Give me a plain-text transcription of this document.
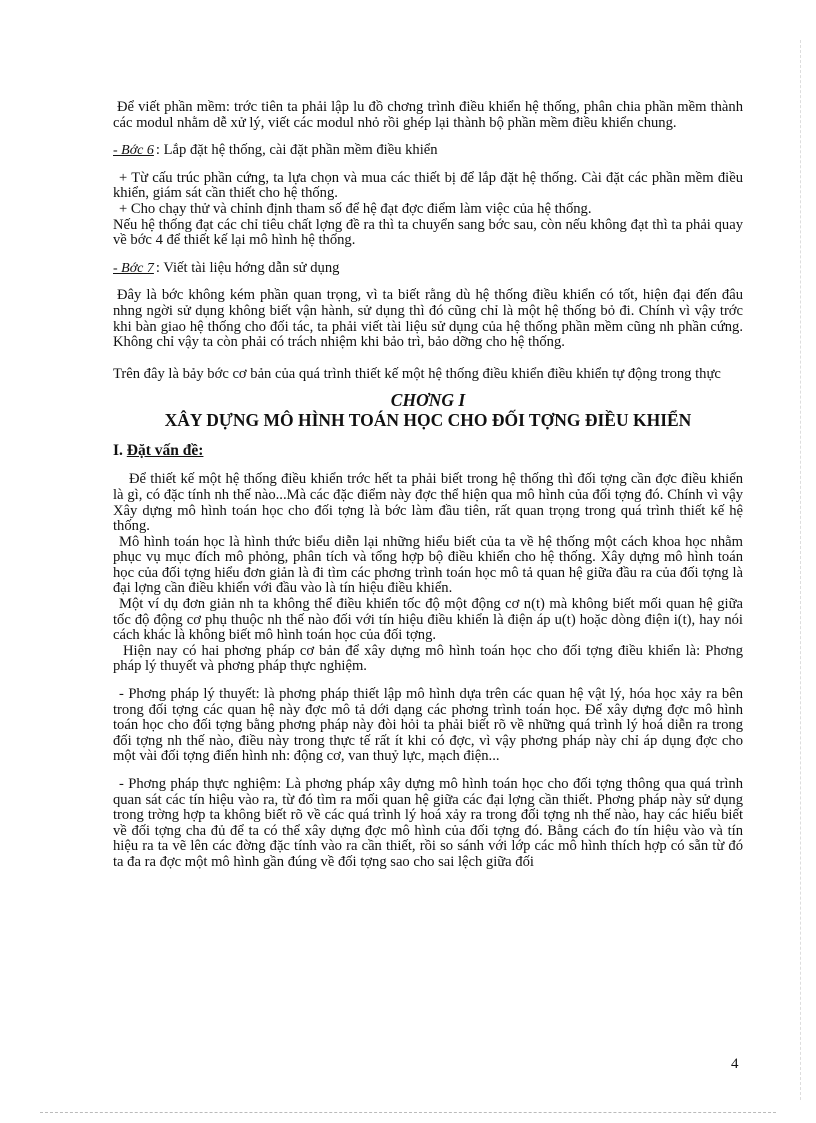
Để viết phần mềm: trớc tiên ta phải lập lu đồ chơng trình điều khiển hệ thống, phân chia phần mềm thành các modul nhằm dễ xử lý, viết các modul nhỏ rồi ghép lại thành bộ phần mềm điều khiển chung.

- Bớc 6 : Lắp đặt hệ thống, cài đặt phần mềm điều khiển

+ Từ cấu trúc phần cứng, ta lựa chọn và mua các thiết bị để lắp đặt hệ thống. Cài đặt các phần mềm điều khiển, giám sát cần thiết cho hệ thống.

+ Cho chạy thử và chỉnh định tham số để hệ đạt đợc điểm làm việc của hệ thống.

Nếu hệ thống đạt các chỉ tiêu chất lợng đề ra thì ta chuyển sang bớc sau, còn nếu không đạt thì ta phải quay về bớc 4 để thiết kế lại mô hình hệ thống.

- Bớc 7 : Viết tài liệu hớng dẫn sử dụng

Đây là bớc không kém phần quan trọng, vì ta biết rằng dù hệ thống điều khiển có tốt, hiện đại đến đâu nhng ngời sử dụng không biết vận hành, sử dụng thì đó cũng chỉ là một hệ thống bỏ đi. Chính vì vậy trớc khi bàn giao hệ thống cho đối tác, ta phải viết tài liệu sử dụng của hệ thống phần mềm cũng nh phần cứng. Không chỉ vậy ta còn phải có trách nhiệm khi bảo trì, bảo dỡng cho hệ thống.

Trên đây là bảy bớc cơ bản của quá trình thiết kế một hệ thống điều khiển điều khiển tự động trong thực

CHƠNG I

XÂY DỰNG MÔ HÌNH TOÁN HỌC CHO ĐỐI TỢNG ĐIỀU KHIỂN

I. Đặt vấn đề:

Để thiết kế một hệ thống điều khiển trớc hết ta phải biết trong hệ thống thì đối tợng cần đợc điều khiển là gì, có đặc tính nh thế nào...Mà các đặc điểm này đợc thể hiện qua mô hình của đối tợng đó. Chính vì vậy Xây dựng mô hình toán học cho đối tợng là bớc làm đầu tiên, rất quan trọng trong quá trình thiết kế hệ thống.

Mô hình toán học là hình thức biểu diễn lại những hiểu biết của ta về hệ thống một cách khoa học nhằm phục vụ mục đích mô phỏng, phân tích và tổng hợp bộ điều khiển cho hệ thống. Xây dựng mô hình toán học của đối tợng hiểu đơn giản là đi tìm các phơng trình toán học mô tả quan hệ giữa đầu ra của đối tợng là đại lợng cần điều khiển với đầu vào là tín hiệu điều khiển.

Một ví dụ đơn giản nh ta không thể điều khiển tốc độ một động cơ n(t) mà không biết mối quan hệ giữa tốc độ động cơ phụ thuộc nh thế nào đối với tín hiệu điều khiển là điện áp u(t) hoặc dòng điện i(t), hay nói cách khác là không biết mô hình toán học của đối tợng.

Hiện nay có hai phơng pháp cơ bản để xây dựng mô hình toán học cho đối tợng điều khiển là: Phơng pháp lý thuyết và phơng pháp thực nghiệm.

- Phơng pháp lý thuyết: là phơng pháp thiết lập mô hình dựa trên các quan hệ vật lý, hóa học xảy ra bên trong đối tợng các quan hệ này đợc mô tả dới dạng các phơng trình toán học. Để xây dựng đợc mô hình toán học cho đối tợng bằng phơng pháp này đòi hỏi ta phải biết rõ về những quá trình lý hoá diễn ra trong đối tợng nh thế nào, điều này trong thực tế rất ít khi có đợc, vì vậy phơng pháp này chỉ áp dụng đợc cho một vài đối tợng điển hình nh: động cơ, van thuỷ lực, mạch điện...

- Phơng pháp thực nghiệm: Là phơng pháp xây dựng mô hình toán học cho đối tợng thông qua quá trình quan sát các tín hiệu vào ra, từ đó tìm ra mối quan hệ giữa các đại lợng cần thiết. Phơng pháp này sử dụng trong trờng hợp ta không biết rõ về các quá trình lý hoá xảy ra trong đối tợng nh thế nào, hay các hiểu biết về đối tợng cha đủ để ta có thể xây dựng đợc mô hình của đối tợng đó. Bằng cách đo tín hiệu vào và tín hiệu ra ta vẽ lên các đờng đặc tính vào ra cần thiết, rồi so sánh với lớp các mô hình thích hợp có sẵn từ đó ta đa ra đợc một mô hình gần đúng về đối tợng sao cho sai lệch giữa đối

4
